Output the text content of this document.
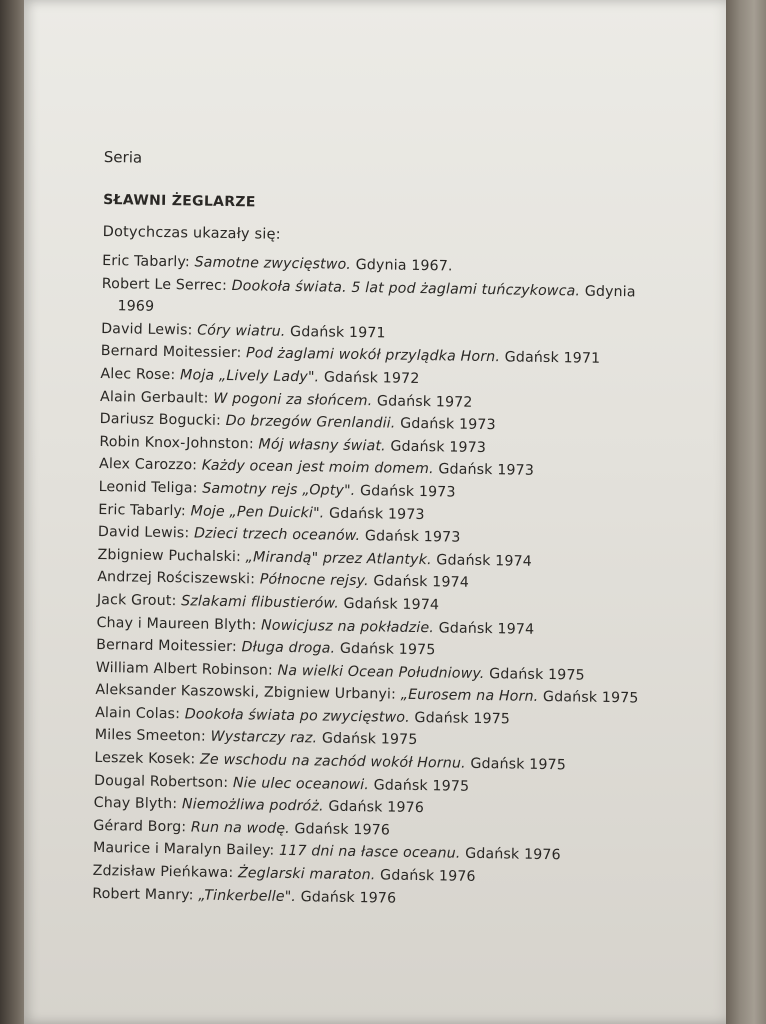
Seria
SŁAWNI ŻEGLARZE
Dotychczas ukazały się:
Eric Tabarly: Samotne zwycięstwo. Gdynia 1967.
Robert Le Serrec: Dookoła świata. 5 lat pod żaglami tuńczykowca. Gdynia 1969
David Lewis: Córy wiatru. Gdańsk 1971
Bernard Moitessier: Pod żaglami wokół przylądka Horn. Gdańsk 1971
Alec Rose: Moja „Lively Lady". Gdańsk 1972
Alain Gerbault: W pogoni za słońcem. Gdańsk 1972
Dariusz Bogucki: Do brzegów Grenlandii. Gdańsk 1973
Robin Knox-Johnston: Mój własny świat. Gdańsk 1973
Alex Carozzo: Każdy ocean jest moim domem. Gdańsk 1973
Leonid Teliga: Samotny rejs „Opty". Gdańsk 1973
Eric Tabarly: Moje „Pen Duicki". Gdańsk 1973
David Lewis: Dzieci trzech oceanów. Gdańsk 1973
Zbigniew Puchalski: „Mirandą" przez Atlantyk. Gdańsk 1974
Andrzej Rościszewski: Północne rejsy. Gdańsk 1974
Jack Grout: Szlakami flibustierów. Gdańsk 1974
Chay i Maureen Blyth: Nowicjusz na pokładzie. Gdańsk 1974
Bernard Moitessier: Długa droga. Gdańsk 1975
William Albert Robinson: Na wielki Ocean Południowy. Gdańsk 1975
Aleksander Kaszowski, Zbigniew Urbanyi: „Eurosem na Horn. Gdańsk 1975
Alain Colas: Dookoła świata po zwycięstwo. Gdańsk 1975
Miles Smeeton: Wystarczy raz. Gdańsk 1975
Leszek Kosek: Ze wschodu na zachód wokół Hornu. Gdańsk 1975
Dougal Robertson: Nie ulec oceanowi. Gdańsk 1975
Chay Blyth: Niemożliwa podróż. Gdańsk 1976
Gérard Borg: Run na wodę. Gdańsk 1976
Maurice i Maralyn Bailey: 117 dni na łasce oceanu. Gdańsk 1976
Zdzisław Pieńkawa: Żeglarski maraton. Gdańsk 1976
Robert Manry: „Tinkerbelle". Gdańsk 1976
